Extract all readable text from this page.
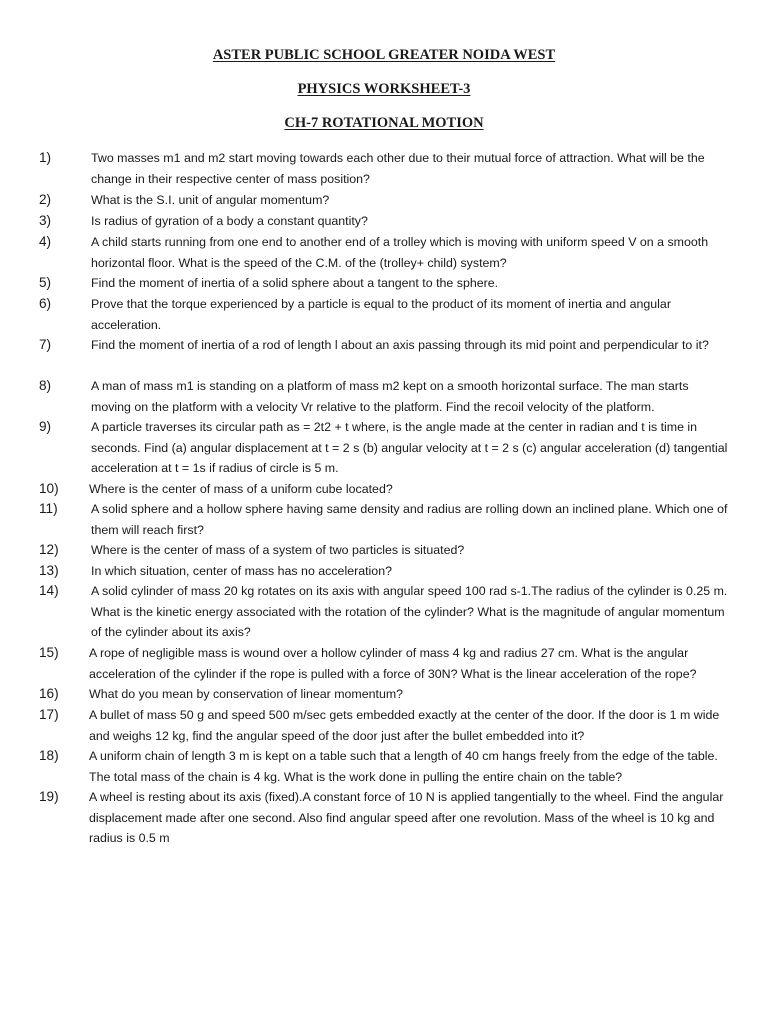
ASTER PUBLIC SCHOOL GREATER NOIDA WEST
PHYSICS WORKSHEET-3
CH-7 ROTATIONAL MOTION
1)	Two masses m1 and m2 start moving towards each other due to their mutual force of attraction. What will be the change in their respective center of mass position?
2)	What is the S.I. unit of angular momentum?
3)	Is radius of gyration of a body a constant quantity?
4)	A child starts running from one end to another end of a trolley which is moving with uniform speed V on a smooth horizontal floor. What is the speed of the C.M. of the (trolley+ child) system?
5)	Find the moment of inertia of a solid sphere about a tangent to the sphere.
6)	Prove that the torque experienced by a particle is equal to the product of its moment of inertia and angular acceleration.
7)	Find the moment of inertia of a rod of length l about an axis passing through its mid point and perpendicular to it?
8)	A man of mass m1 is standing on a platform of mass m2 kept on a smooth horizontal surface. The man starts moving on the platform with a velocity Vr relative to the platform. Find the recoil velocity of the platform.
9)	A particle traverses its circular path as = 2t2 + t where, is the angle made at the center in radian and t is time in seconds. Find (a) angular displacement at t = 2 s (b) angular velocity at t = 2 s (c) angular acceleration (d) tangential acceleration at t = 1s if radius of circle is 5 m.
10)	Where is the center of mass of a uniform cube located?
11)	A solid sphere and a hollow sphere having same density and radius are rolling down an inclined plane. Which one of them will reach first?
12)	Where is the center of mass of a system of two particles is situated?
13)	In which situation, center of mass has no acceleration?
14)	A solid cylinder of mass 20 kg rotates on its axis with angular speed 100 rad s-1.The radius of the cylinder is 0.25 m. What is the kinetic energy associated with the rotation of the cylinder? What is the magnitude of angular momentum of the cylinder about its axis?
15)	A rope of negligible mass is wound over a hollow cylinder of mass 4 kg and radius 27 cm. What is the angular acceleration of the cylinder if the rope is pulled with a force of 30N? What is the linear acceleration of the rope?
16)	What do you mean by conservation of linear momentum?
17)	A bullet of mass 50 g and speed 500 m/sec gets embedded exactly at the center of the door. If the door is 1 m wide and weighs 12 kg, find the angular speed of the door just after the bullet embedded into it?
18)	A uniform chain of length 3 m is kept on a table such that a length of 40 cm hangs freely from the edge of the table. The total mass of the chain is 4 kg. What is the work done in pulling the entire chain on the table?
19)	A wheel is resting about its axis (fixed).A constant force of 10 N is applied tangentially to the wheel. Find the angular displacement made after one second. Also find angular speed after one revolution. Mass of the wheel is 10 kg and radius is 0.5 m
